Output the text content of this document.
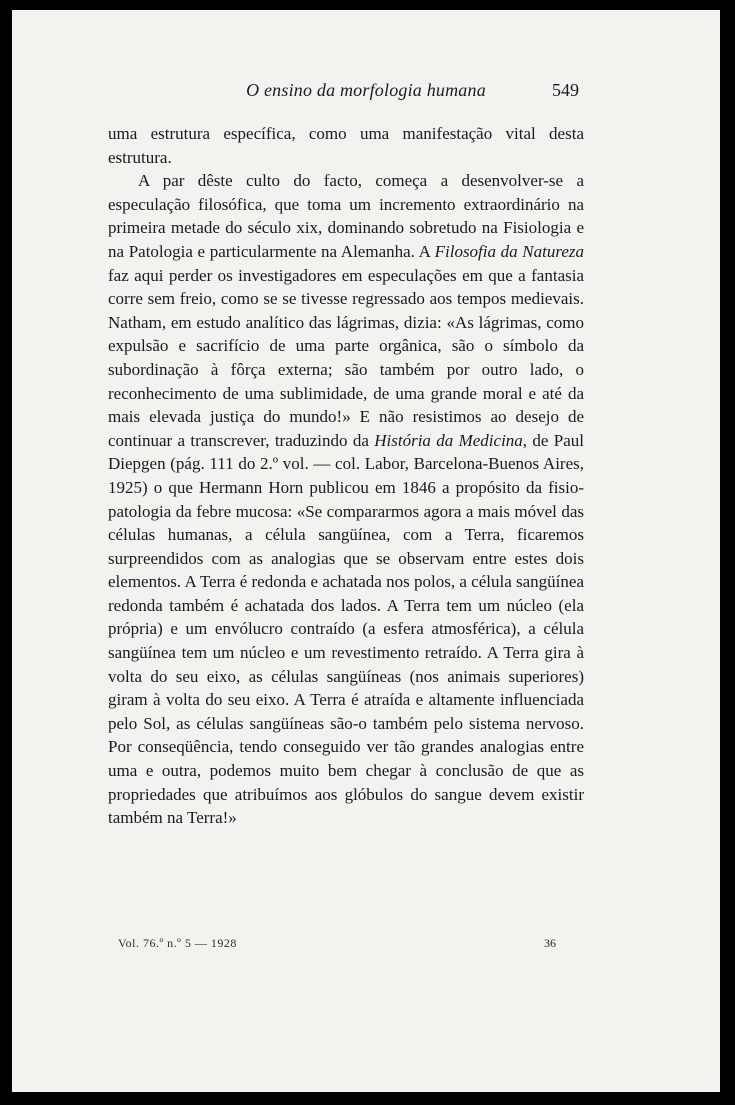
O ensino da morfologia humana	549

uma estrutura específica, como uma manifestação vital desta estrutura.

A par dêste culto do facto, começa a desenvolver-se a especulação filosófica, que toma um incremento extraordinário na primeira metade do século xix, dominando sobretudo na Fisiologia e na Patologia e particularmente na Alemanha. A Filosofia da Natureza faz aqui perder os investigadores em especulações em que a fantasia corre sem freio, como se se tivesse regressado aos tempos medievais. Natham, em estudo analítico das lágrimas, dizia: «As lágrimas, como expulsão e sacrifício de uma parte orgânica, são o símbolo da subordinação à fôrça externa; são também por outro lado, o reconhecimento de uma sublimidade, de uma grande moral e até da mais elevada justiça do mundo!» E não resistimos ao desejo de continuar a transcrever, traduzindo da História da Medicina, de Paul Diepgen (pág. 111 do 2.º vol. — col. Labor, Barcelona-Buenos Aires, 1925) o que Hermann Horn publicou em 1846 a propósito da fisio-patologia da febre mucosa: «Se compararmos agora a mais móvel das células humanas, a célula sangüínea, com a Terra, ficaremos surpreendidos com as analogias que se observam entre estes dois elementos. A Terra é redonda e achatada nos polos, a célula sangüínea redonda também é achatada dos lados. A Terra tem um núcleo (ela própria) e um envólucro contraído (a esfera atmosférica), a célula sangüínea tem um núcleo e um revestimento retraído. A Terra gira à volta do seu eixo, as células sangüíneas (nos animais superiores) giram à volta do seu eixo. A Terra é atraída e altamente influenciada pelo Sol, as células sangüíneas são-o também pelo sistema nervoso. Por conseqüência, tendo conseguido ver tão grandes analogias entre uma e outra, podemos muito bem chegar à conclusão de que as propriedades que atribuímos aos glóbulos do sangue devem existir também na Terra!»

Vol. 76.º n.º 5 — 1928	36
